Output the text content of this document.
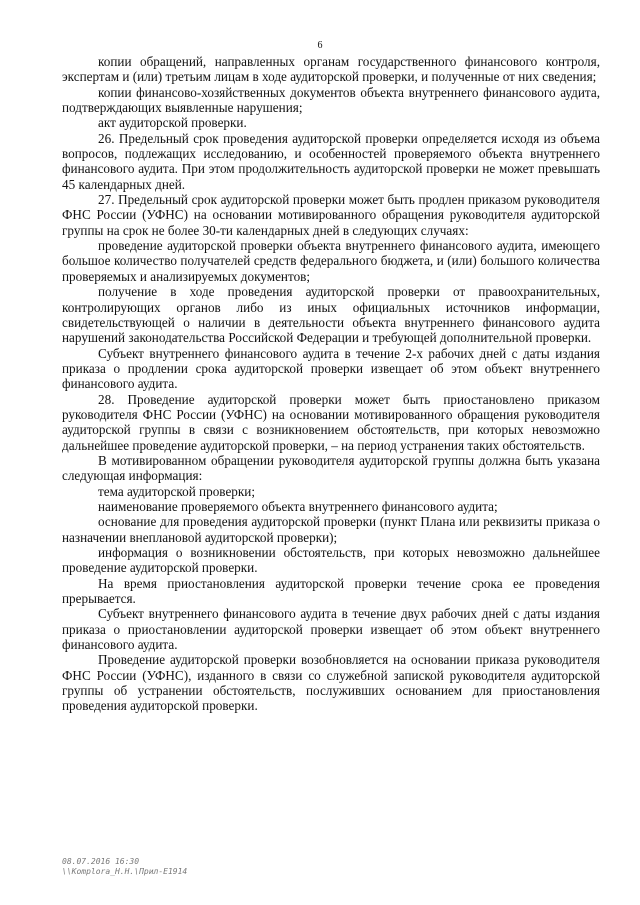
6

копии обращений, направленных органам государственного финансового контроля, экспертам и (или) третьим лицам в ходе аудиторской проверки, и полученные от них сведения;

копии финансово-хозяйственных документов объекта внутреннего финансового аудита, подтверждающих выявленные нарушения;

акт аудиторской проверки.

26. Предельный срок проведения аудиторской проверки определяется исходя из объема вопросов, подлежащих исследованию, и особенностей проверяемого объекта внутреннего финансового аудита. При этом продолжительность аудиторской проверки не может превышать 45 календарных дней.

27. Предельный срок аудиторской проверки может быть продлен приказом руководителя ФНС России (УФНС) на основании мотивированного обращения руководителя аудиторской группы на срок не более 30-ти календарных дней в следующих случаях:

проведение аудиторской проверки объекта внутреннего финансового аудита, имеющего большое количество получателей средств федерального бюджета, и (или) большого количества проверяемых и анализируемых документов;

получение в ходе проведения аудиторской проверки от правоохранительных, контролирующих органов либо из иных официальных источников информации, свидетельствующей о наличии в деятельности объекта внутреннего финансового аудита нарушений законодательства Российской Федерации и требующей дополнительной проверки.

Субъект внутреннего финансового аудита в течение 2-х рабочих дней с даты издания приказа о продлении срока аудиторской проверки извещает об этом объект внутреннего финансового аудита.

28. Проведение аудиторской проверки может быть приостановлено приказом руководителя ФНС России (УФНС) на основании мотивированного обращения руководителя аудиторской группы в связи с возникновением обстоятельств, при которых невозможно дальнейшее проведение аудиторской проверки, – на период устранения таких обстоятельств.

В мотивированном обращении руководителя аудиторской группы должна быть указана следующая информация:

тема аудиторской проверки;

наименование проверяемого объекта внутреннего финансового аудита;

основание для проведения аудиторской проверки (пункт Плана или реквизиты приказа о назначении внеплановой аудиторской проверки);

информация о возникновении обстоятельств, при которых невозможно дальнейшее проведение аудиторской проверки.

На время приостановления аудиторской проверки течение срока ее проведения прерывается.

Субъект внутреннего финансового аудита в течение двух рабочих дней с даты издания приказа о приостановлении аудиторской проверки извещает об этом объект внутреннего финансового аудита.

Проведение аудиторской проверки возобновляется на основании приказа руководителя ФНС России (УФНС), изданного в связи со служебной запиской руководителя аудиторской группы об устранении обстоятельств, послуживших основанием для приостановления проведения аудиторской проверки.

08.07.2016 16:30
\\Komplora_H.H.\Прил-Е1914
